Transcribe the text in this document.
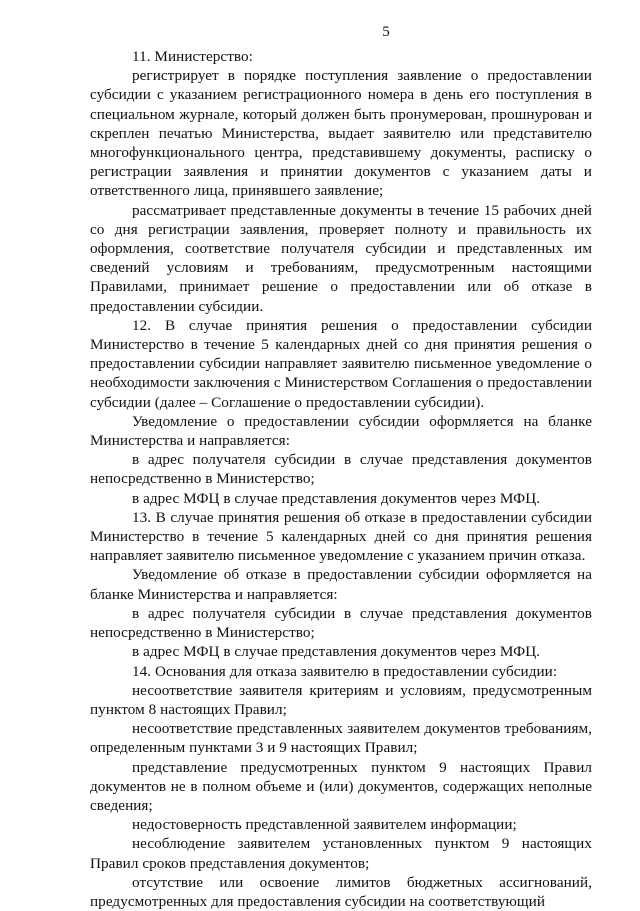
5

11. Министерство:

регистрирует в порядке поступления заявление о предоставлении субсидии с указанием регистрационного номера в день его поступления в специальном журнале, который должен быть пронумерован, прошнурован и скреплен печатью Министерства, выдает заявителю или представителю многофункционального центра, представившему документы, расписку о регистрации заявления и принятии документов с указанием даты и ответственного лица, принявшего заявление;

рассматривает представленные документы в течение 15 рабочих дней со дня регистрации заявления, проверяет полноту и правильность их оформления, соответствие получателя субсидии и представленных им сведений условиям и требованиям, предусмотренным настоящими Правилами, принимает решение о предоставлении или об отказе в предоставлении субсидии.

12. В случае принятия решения о предоставлении субсидии Министерство в течение 5 календарных дней со дня принятия решения о предоставлении субсидии направляет заявителю письменное уведомление о необходимости заключения с Министерством Соглашения о предоставлении субсидии (далее – Соглашение о предоставлении субсидии).

Уведомление о предоставлении субсидии оформляется на бланке Министерства и направляется:

в адрес получателя субсидии в случае представления документов непосредственно в Министерство;

в адрес МФЦ в случае представления документов через МФЦ.

13. В случае принятия решения об отказе в предоставлении субсидии Министерство в течение 5 календарных дней со дня принятия решения направляет заявителю письменное уведомление с указанием причин отказа.

Уведомление об отказе в предоставлении субсидии оформляется на бланке Министерства и направляется:

в адрес получателя субсидии в случае представления документов непосредственно в Министерство;

в адрес МФЦ в случае представления документов через МФЦ.

14. Основания для отказа заявителю в предоставлении субсидии:

несоответствие заявителя критериям и условиям, предусмотренным пунктом 8 настоящих Правил;

несоответствие представленных заявителем документов требованиям, определенным пунктами 3 и 9 настоящих Правил;

представление предусмотренных пунктом 9 настоящих Правил документов не в полном объеме и (или) документов, содержащих неполные сведения;

недостоверность представленной заявителем информации;

несоблюдение заявителем установленных пунктом 9 настоящих Правил сроков представления документов;

отсутствие или освоение лимитов бюджетных ассигнований, предусмотренных для предоставления субсидии на соответствующий
